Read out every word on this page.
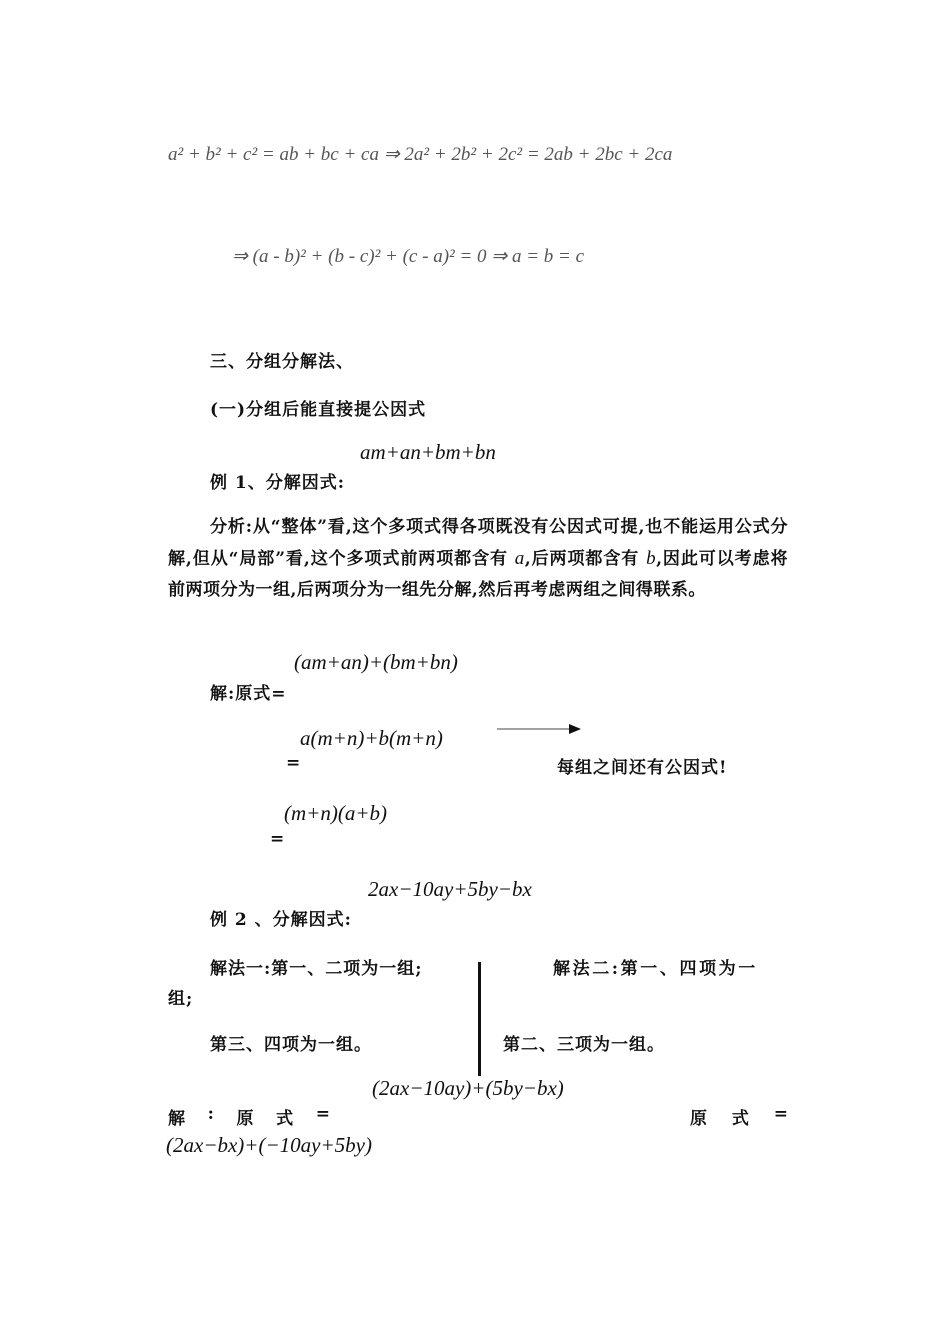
a² + b² + c² = ab + bc + ca ⇒ 2a² + 2b² + 2c² = 2ab + 2bc + 2ca
⇒ (a - b)² + (b - c)² + (c - a)² = 0 ⇒ a = b = c
三、分组分解法、
(一)分组后能直接提公因式
am+an+bm+bn
例 1、分解因式:
分析:从“整体”看,这个多项式得各项既没有公因式可提,也不能运用公式分解,但从“局部”看,这个多项式前两项都含有 a,后两项都含有 b,因此可以考虑将前两项分为一组,后两项分为一组先分解,然后再考虑两组之间得联系。
(am+an)+(bm+bn)
解:原式=
a(m+n)+b(m+n)
=	每组之间还有公因式!
(m+n)(a+b)
=
2ax−10ay+5by−bx
例 2 、分解因式:
解法一:第一、二项为一组;	解法二:第一、四项为一
组;
第三、四项为一组。	第二、三项为一组。
(2ax−10ay)+(5by−bx)
解 : 原 式 =	原 式 =
(2ax−bx)+(−10ay+5by)
